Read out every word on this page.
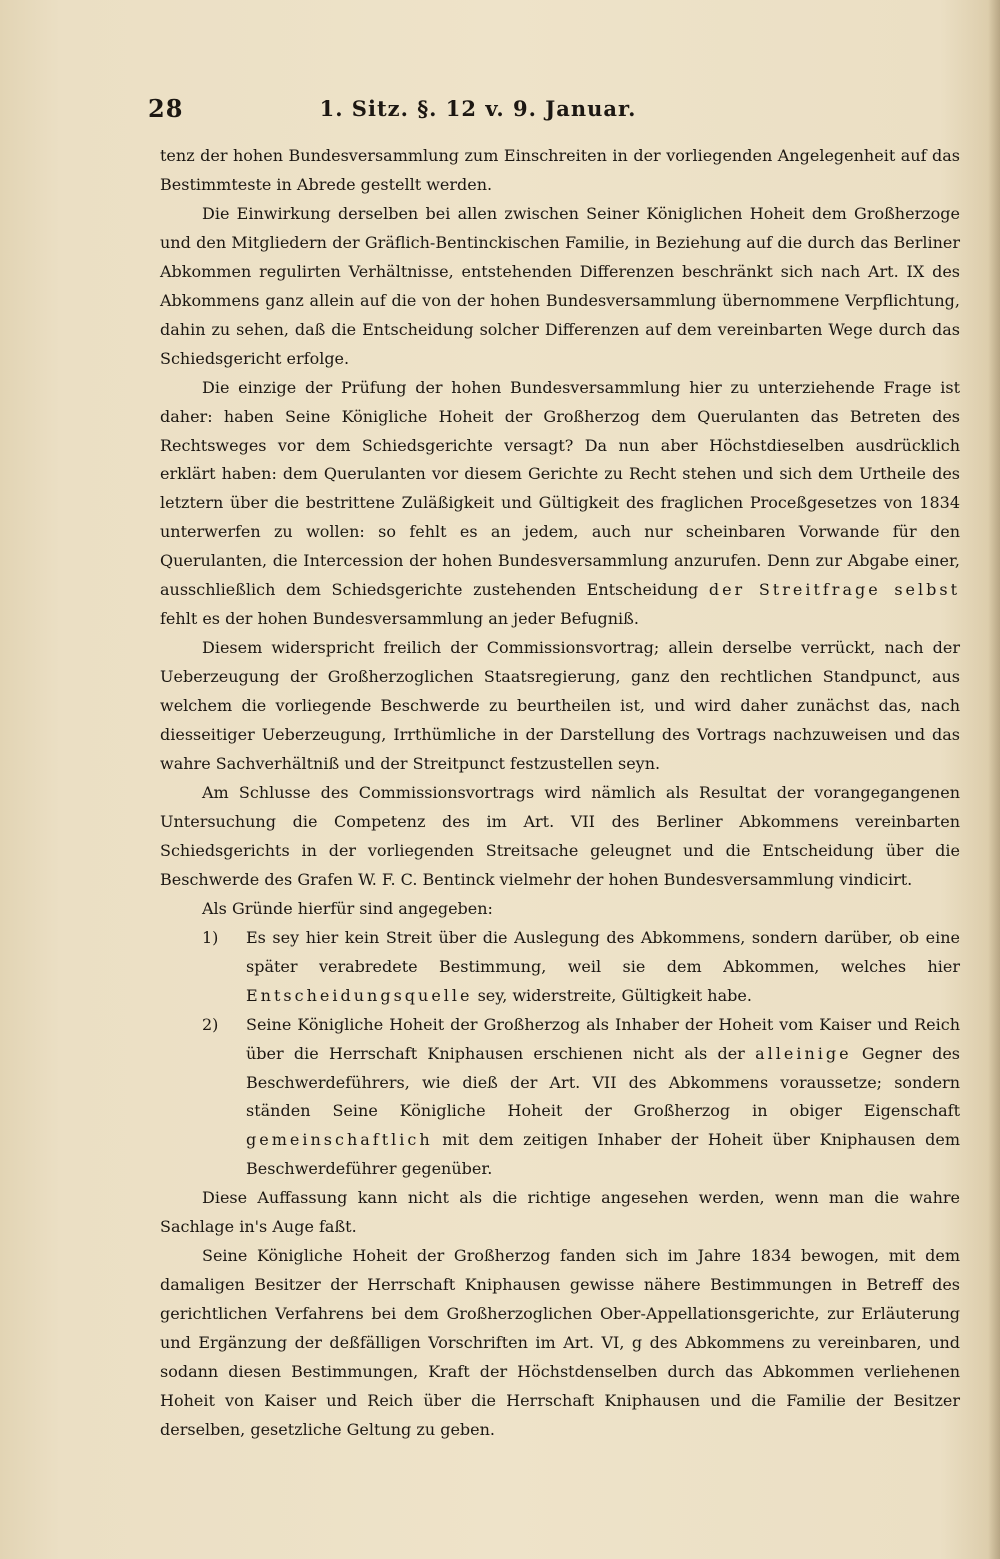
28	1. Sitz. §. 12 v. 9. Januar.

tenz der hohen Bundesversammlung zum Einschreiten in der vorliegenden Angelegenheit auf das Bestimmteste in Abrede gestellt werden.

Die Einwirkung derselben bei allen zwischen Seiner Königlichen Hoheit dem Großherzoge und den Mitgliedern der Gräflich-Bentinckischen Familie, in Beziehung auf die durch das Berliner Abkommen regulirten Verhältnisse, entstehenden Differenzen beschränkt sich nach Art. IX des Abkommens ganz allein auf die von der hohen Bundesversammlung übernommene Verpflichtung, dahin zu sehen, daß die Entscheidung solcher Differenzen auf dem vereinbarten Wege durch das Schiedsgericht erfolge.

Die einzige der Prüfung der hohen Bundesversammlung hier zu unterziehende Frage ist daher: haben Seine Königliche Hoheit der Großherzog dem Querulanten das Betreten des Rechtsweges vor dem Schiedsgerichte versagt? Da nun aber Höchstdieselben ausdrücklich erklärt haben: dem Querulanten vor diesem Gerichte zu Recht stehen und sich dem Urtheile des letztern über die bestrittene Zuläßigkeit und Gültigkeit des fraglichen Proceßgesetzes von 1834 unterwerfen zu wollen: so fehlt es an jedem, auch nur scheinbaren Vorwande für den Querulanten, die Intercession der hohen Bundesversammlung anzurufen. Denn zur Abgabe einer, ausschließlich dem Schiedsgerichte zustehenden Entscheidung der Streitfrage selbst fehlt es der hohen Bundesversammlung an jeder Befugniß.

Diesem widerspricht freilich der Commissionsvortrag; allein derselbe verrückt, nach der Ueberzeugung der Großherzoglichen Staatsregierung, ganz den rechtlichen Standpunct, aus welchem die vorliegende Beschwerde zu beurtheilen ist, und wird daher zunächst das, nach diesseitiger Ueberzeugung, Irrthümliche in der Darstellung des Vortrags nachzuweisen und das wahre Sachverhältniß und der Streitpunct festzustellen seyn.

Am Schlusse des Commissionsvortrags wird nämlich als Resultat der vorangegangenen Untersuchung die Competenz des im Art. VII des Berliner Abkommens vereinbarten Schiedsgerichts in der vorliegenden Streitsache geleugnet und die Entscheidung über die Beschwerde des Grafen W. F. C. Bentinck vielmehr der hohen Bundesversammlung vindicirt.

Als Gründe hierfür sind angegeben:

1) Es sey hier kein Streit über die Auslegung des Abkommens, sondern darüber, ob eine später verabredete Bestimmung, weil sie dem Abkommen, welches hier Entscheidungsquelle sey, widerstreite, Gültigkeit habe.

2) Seine Königliche Hoheit der Großherzog als Inhaber der Hoheit vom Kaiser und Reich über die Herrschaft Kniphausen erschienen nicht als der alleinige Gegner des Beschwerdeführers, wie dieß der Art. VII des Abkommens voraussetze; sondern ständen Seine Königliche Hoheit der Großherzog in obiger Eigenschaft gemeinschaftlich mit dem zeitigen Inhaber der Hoheit über Kniphausen dem Beschwerdeführer gegenüber.

Diese Auffassung kann nicht als die richtige angesehen werden, wenn man die wahre Sachlage in's Auge faßt.

Seine Königliche Hoheit der Großherzog fanden sich im Jahre 1834 bewogen, mit dem damaligen Besitzer der Herrschaft Kniphausen gewisse nähere Bestimmungen in Betreff des gerichtlichen Verfahrens bei dem Großherzoglichen Ober-Appellationsgerichte, zur Erläuterung und Ergänzung der deßfälligen Vorschriften im Art. VI, g des Abkommens zu vereinbaren, und sodann diesen Bestimmungen, Kraft der Höchstdenselben durch das Abkommen verliehenen Hoheit von Kaiser und Reich über die Herrschaft Kniphausen und die Familie der Besitzer derselben, gesetzliche Geltung zu geben.
